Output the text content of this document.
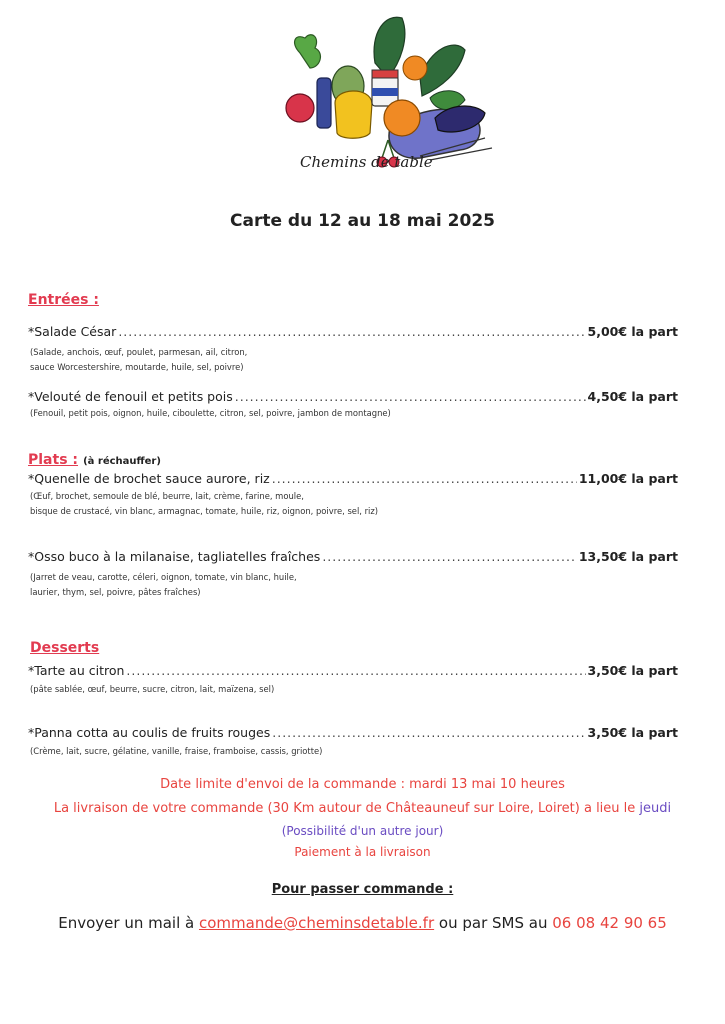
Chemins de table
Carte du 12 au 18 mai 2025
Entrées :
*Salade César .....	5,00€ la part
(Salade, anchois, œuf, poulet, parmesan, ail, citron,
sauce Worcestershire, moutarde, huile, sel, poivre)
*Velouté de fenouil et petits pois .....	4,50€ la part
(Fenouil, petit pois, oignon, huile, ciboulette, citron, sel, poivre, jambon de montagne)
Plats : (à réchauffer)
*Quenelle de brochet sauce aurore, riz .....	11,00€ la part
(Œuf, brochet, semoule de blé, beurre, lait, crème, farine, moule,
bisque de crustacé, vin blanc, armagnac, tomate, huile, riz, oignon, poivre, sel, riz)
*Osso buco à la milanaise, tagliatelles fraîches .....	13,50€ la part
(Jarret de veau, carotte, céleri, oignon, tomate, vin blanc, huile,
laurier, thym, sel, poivre, pâtes fraîches)
Desserts
*Tarte au citron .....	3,50€ la part
(pâte sablée, œuf, beurre, sucre, citron, lait, maïzena, sel)
*Panna cotta au coulis de fruits rouges .....	3,50€ la part
(Crème, lait, sucre, gélatine, vanille, fraise, framboise, cassis, griotte)
Date limite d'envoi de la commande : mardi 13 mai 10 heures
La livraison de votre commande (30 Km autour de Châteauneuf sur Loire, Loiret) a lieu le jeudi
(Possibilité d'un autre jour)
Paiement à la livraison
Pour passer commande :
Envoyer un mail à commande@cheminsdetable.fr ou par SMS au 06 08 42 90 65
